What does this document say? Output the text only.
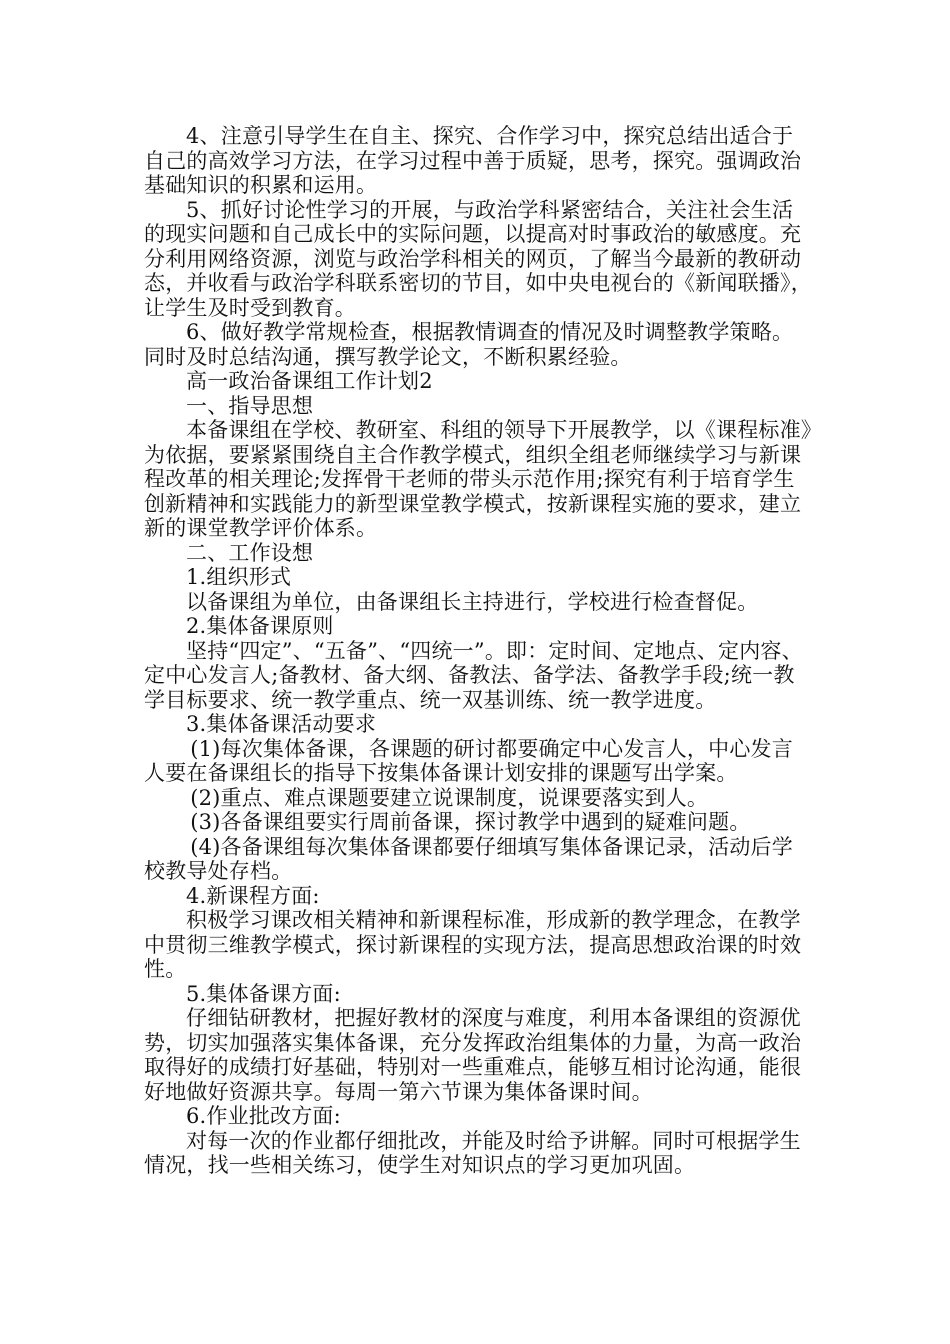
4、注意引导学生在自主、探究、合作学习中，探究总结出适合于自己的高效学习方法，在学习过程中善于质疑，思考，探究。强调政治基础知识的积累和运用。

5、抓好讨论性学习的开展，与政治学科紧密结合，关注社会生活的现实问题和自己成长中的实际问题，以提高对时事政治的敏感度。充分利用网络资源，浏览与政治学科相关的网页，了解当今最新的教研动态，并收看与政治学科联系密切的节目，如中央电视台的《新闻联播》，让学生及时受到教育。

6、做好教学常规检查，根据教情调查的情况及时调整教学策略。同时及时总结沟通，撰写教学论文，不断积累经验。

高一政治备课组工作计划2

一、指导思想

本备课组在学校、教研室、科组的领导下开展教学，以《课程标准》为依据，要紧紧围绕自主合作教学模式，组织全组老师继续学习与新课程改革的相关理论;发挥骨干老师的带头示范作用;探究有利于培育学生创新精神和实践能力的新型课堂教学模式，按新课程实施的要求，建立新的课堂教学评价体系。

二、工作设想

1.组织形式

以备课组为单位，由备课组长主持进行，学校进行检查督促。

2.集体备课原则

坚持“四定”、“五备”、“四统一”。即：定时间、定地点、定内容、定中心发言人;备教材、备大纲、备教法、备学法、备教学手段;统一教学目标要求、统一教学重点、统一双基训练、统一教学进度。

3.集体备课活动要求

(1)每次集体备课，各课题的研讨都要确定中心发言人，中心发言人要在备课组长的指导下按集体备课计划安排的课题写出学案。

(2)重点、难点课题要建立说课制度，说课要落实到人。

(3)各备课组要实行周前备课，探讨教学中遇到的疑难问题。

(4)各备课组每次集体备课都要仔细填写集体备课记录，活动后学校教导处存档。

4.新课程方面:

积极学习课改相关精神和新课程标准，形成新的教学理念，在教学中贯彻三维教学模式，探讨新课程的实现方法，提高思想政治课的时效性。

5.集体备课方面:

仔细钻研教材，把握好教材的深度与难度，利用本备课组的资源优势，切实加强落实集体备课，充分发挥政治组集体的力量，为高一政治取得好的成绩打好基础，特别对一些重难点，能够互相讨论沟通，能很好地做好资源共享。每周一第六节课为集体备课时间。

6.作业批改方面:

对每一次的作业都仔细批改，并能及时给予讲解。同时可根据学生情况，找一些相关练习，使学生对知识点的学习更加巩固。
